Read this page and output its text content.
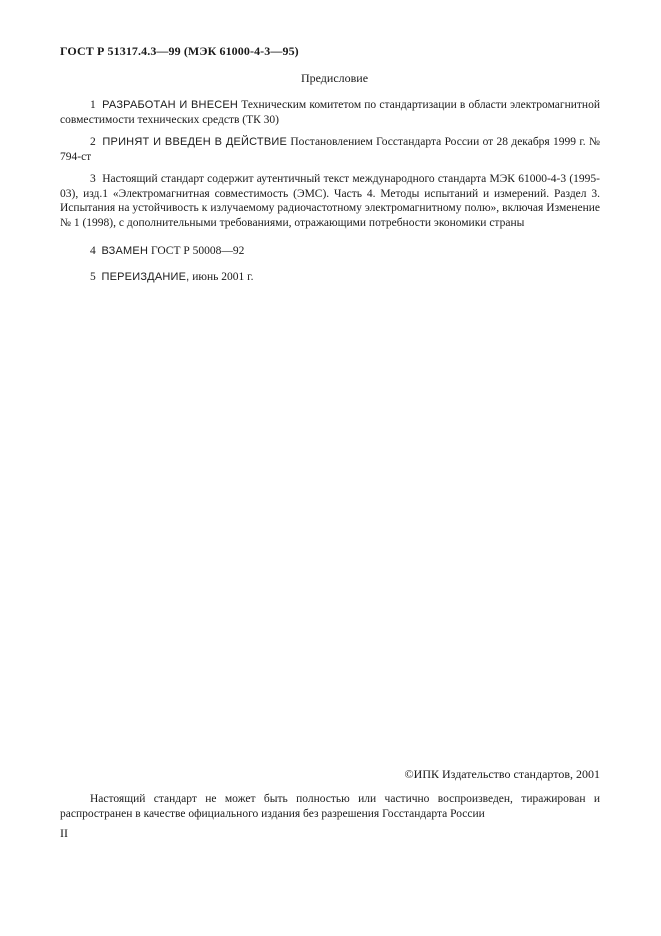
ГОСТ Р 51317.4.3—99 (МЭК 61000-4-3—95)
Предисловие
1 РАЗРАБОТАН И ВНЕСЕН Техническим комитетом по стандартизации в области электромагнитной совместимости технических средств (ТК 30)
2 ПРИНЯТ И ВВЕДЕН В ДЕЙСТВИЕ Постановлением Госстандарта России от 28 декабря 1999 г. № 794-ст
3 Настоящий стандарт содержит аутентичный текст международного стандарта МЭК 61000-4-3 (1995-03), изд.1 «Электромагнитная совместимость (ЭМС). Часть 4. Методы испытаний и измерений. Раздел 3. Испытания на устойчивость к излучаемому радиочастотному электромагнитному полю», включая Изменение № 1 (1998), с дополнительными требованиями, отражающими потребности экономики страны
4 ВЗАМЕН ГОСТ Р 50008—92
5 ПЕРЕИЗДАНИЕ, июнь 2001 г.
©ИПК Издательство стандартов, 2001
Настоящий стандарт не может быть полностью или частично воспроизведен, тиражирован и распространен в качестве официального издания без разрешения Госстандарта России
II
